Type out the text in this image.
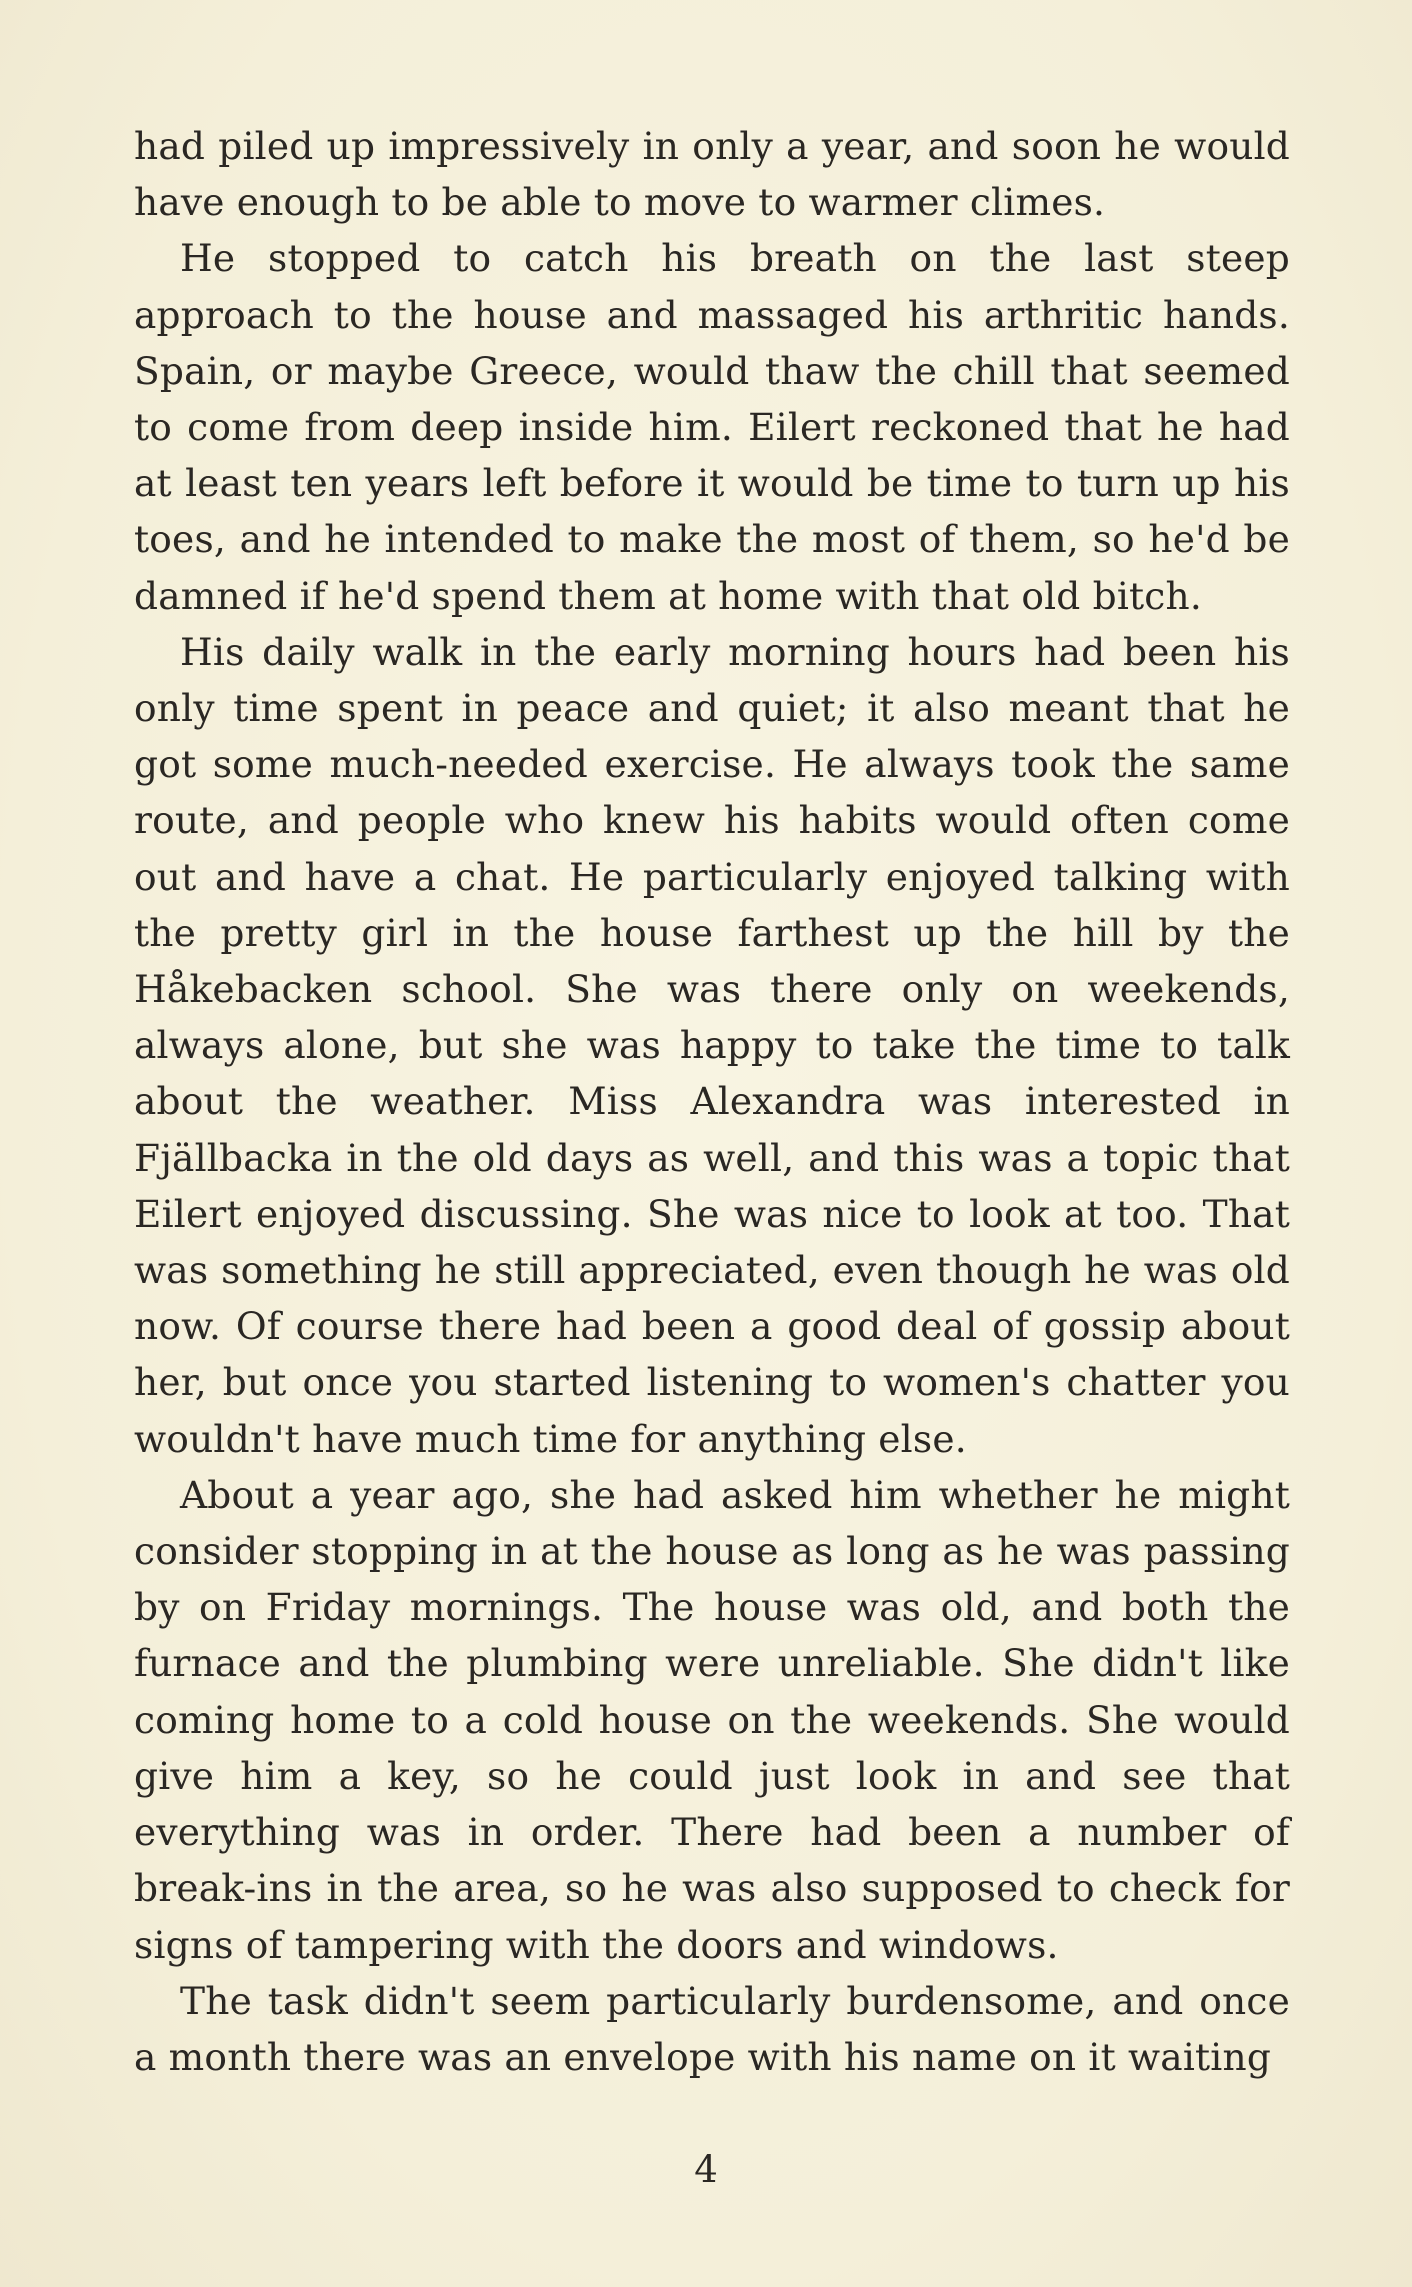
had piled up impressively in only a year, and soon he would have enough to be able to move to warmer climes.

He stopped to catch his breath on the last steep approach to the house and massaged his arthritic hands. Spain, or maybe Greece, would thaw the chill that seemed to come from deep inside him. Eilert reckoned that he had at least ten years left before it would be time to turn up his toes, and he intended to make the most of them, so he'd be damned if he'd spend them at home with that old bitch.

His daily walk in the early morning hours had been his only time spent in peace and quiet; it also meant that he got some much-needed exercise. He always took the same route, and people who knew his habits would often come out and have a chat. He particularly enjoyed talking with the pretty girl in the house farthest up the hill by the Håkebacken school. She was there only on weekends, always alone, but she was happy to take the time to talk about the weather. Miss Alexandra was interested in Fjällbacka in the old days as well, and this was a topic that Eilert enjoyed discussing. She was nice to look at too. That was something he still appreciated, even though he was old now. Of course there had been a good deal of gossip about her, but once you started listening to women's chatter you wouldn't have much time for anything else.

About a year ago, she had asked him whether he might consider stopping in at the house as long as he was passing by on Friday mornings. The house was old, and both the furnace and the plumbing were unreliable. She didn't like coming home to a cold house on the weekends. She would give him a key, so he could just look in and see that everything was in order. There had been a number of break-ins in the area, so he was also supposed to check for signs of tampering with the doors and windows.

The task didn't seem particularly burdensome, and once a month there was an envelope with his name on it waiting

4
